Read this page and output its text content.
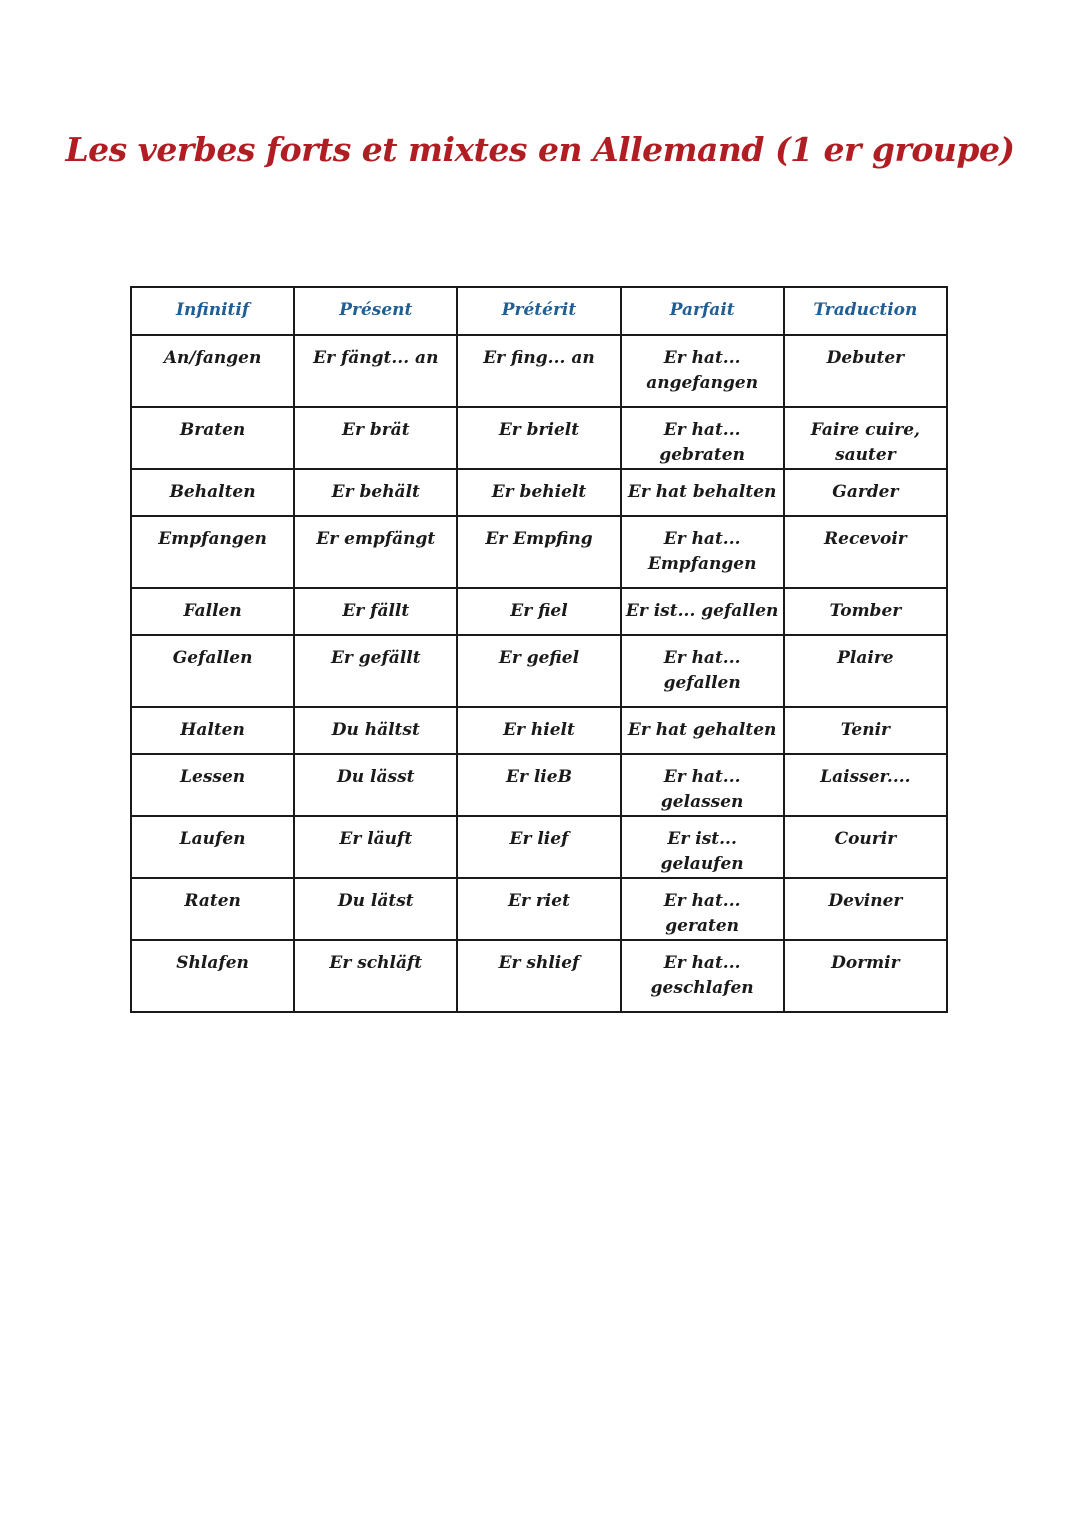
Les verbes forts et mixtes en Allemand (1 er groupe)
Infinitif	Présent	Prétérit	Parfait	Traduction
An/fangen	Er fängt... an	Er fing... an	Er hat... angefangen	Debuter
Braten	Er brät	Er brielt	Er hat... gebraten	Faire cuire, sauter
Behalten	Er behält	Er behielt	Er hat behalten	Garder
Empfangen	Er empfängt	Er Empfing	Er hat... Empfangen	Recevoir
Fallen	Er fällt	Er fiel	Er ist... gefallen	Tomber
Gefallen	Er gefällt	Er gefiel	Er hat... gefallen	Plaire
Halten	Du hältst	Er hielt	Er hat gehalten	Tenir
Lessen	Du lässt	Er lieB	Er hat... gelassen	Laisser....
Laufen	Er läuft	Er lief	Er ist... gelaufen	Courir
Raten	Du lätst	Er riet	Er hat... geraten	Deviner
Shlafen	Er schläft	Er shlief	Er hat... geschlafen	Dormir
